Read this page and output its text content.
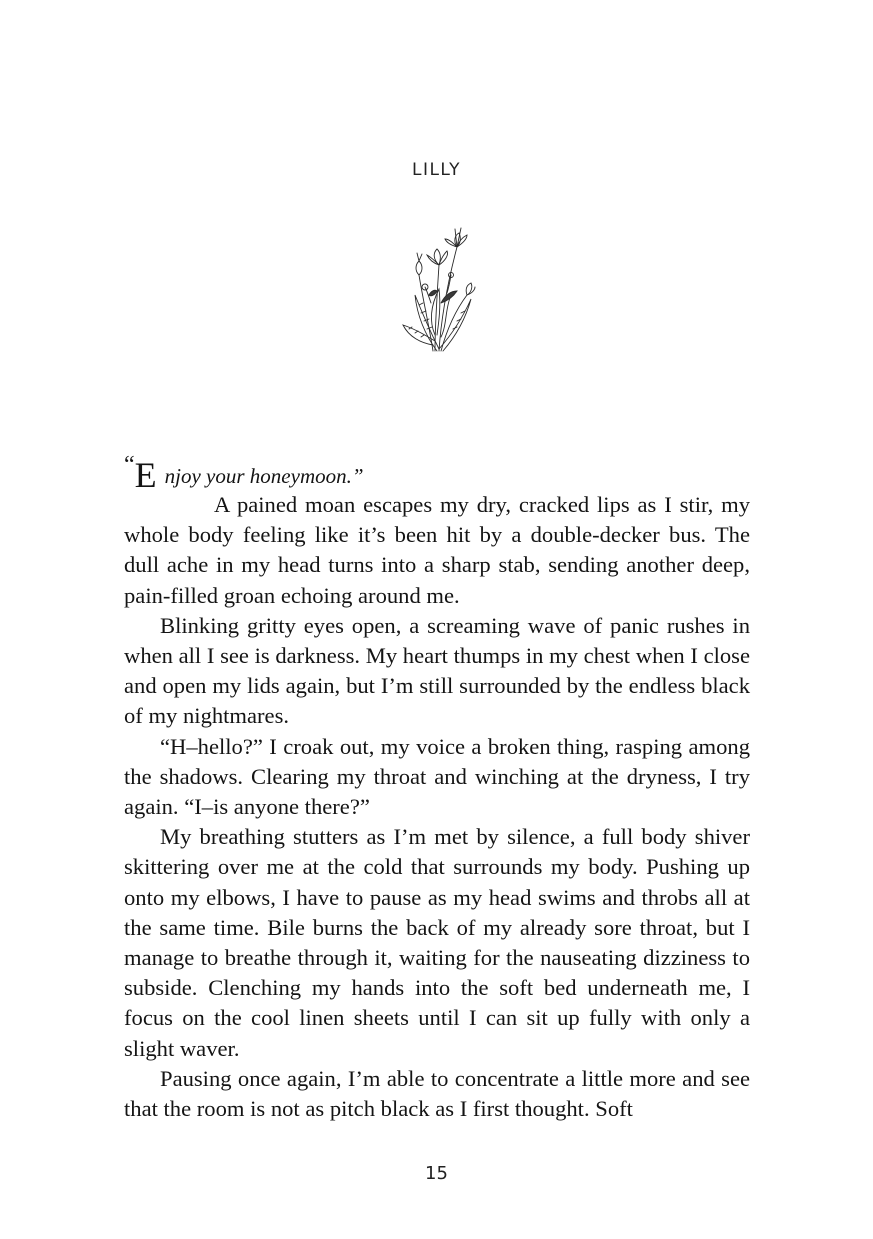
LILLY

“E njoy your honeymoon.”

A pained moan escapes my dry, cracked lips as I stir, my whole body feeling like it’s been hit by a double-decker bus. The dull ache in my head turns into a sharp stab, sending another deep, pain-filled groan echoing around me.

Blinking gritty eyes open, a screaming wave of panic rushes in when all I see is darkness. My heart thumps in my chest when I close and open my lids again, but I’m still surrounded by the endless black of my nightmares.

“H–hello?” I croak out, my voice a broken thing, rasping among the shadows. Clearing my throat and winching at the dryness, I try again. “I–is anyone there?”

My breathing stutters as I’m met by silence, a full body shiver skittering over me at the cold that surrounds my body. Pushing up onto my elbows, I have to pause as my head swims and throbs all at the same time. Bile burns the back of my already sore throat, but I manage to breathe through it, waiting for the nauseating dizziness to subside. Clenching my hands into the soft bed underneath me, I focus on the cool linen sheets until I can sit up fully with only a slight waver.

Pausing once again, I’m able to concentrate a little more and see that the room is not as pitch black as I first thought. Soft

15
